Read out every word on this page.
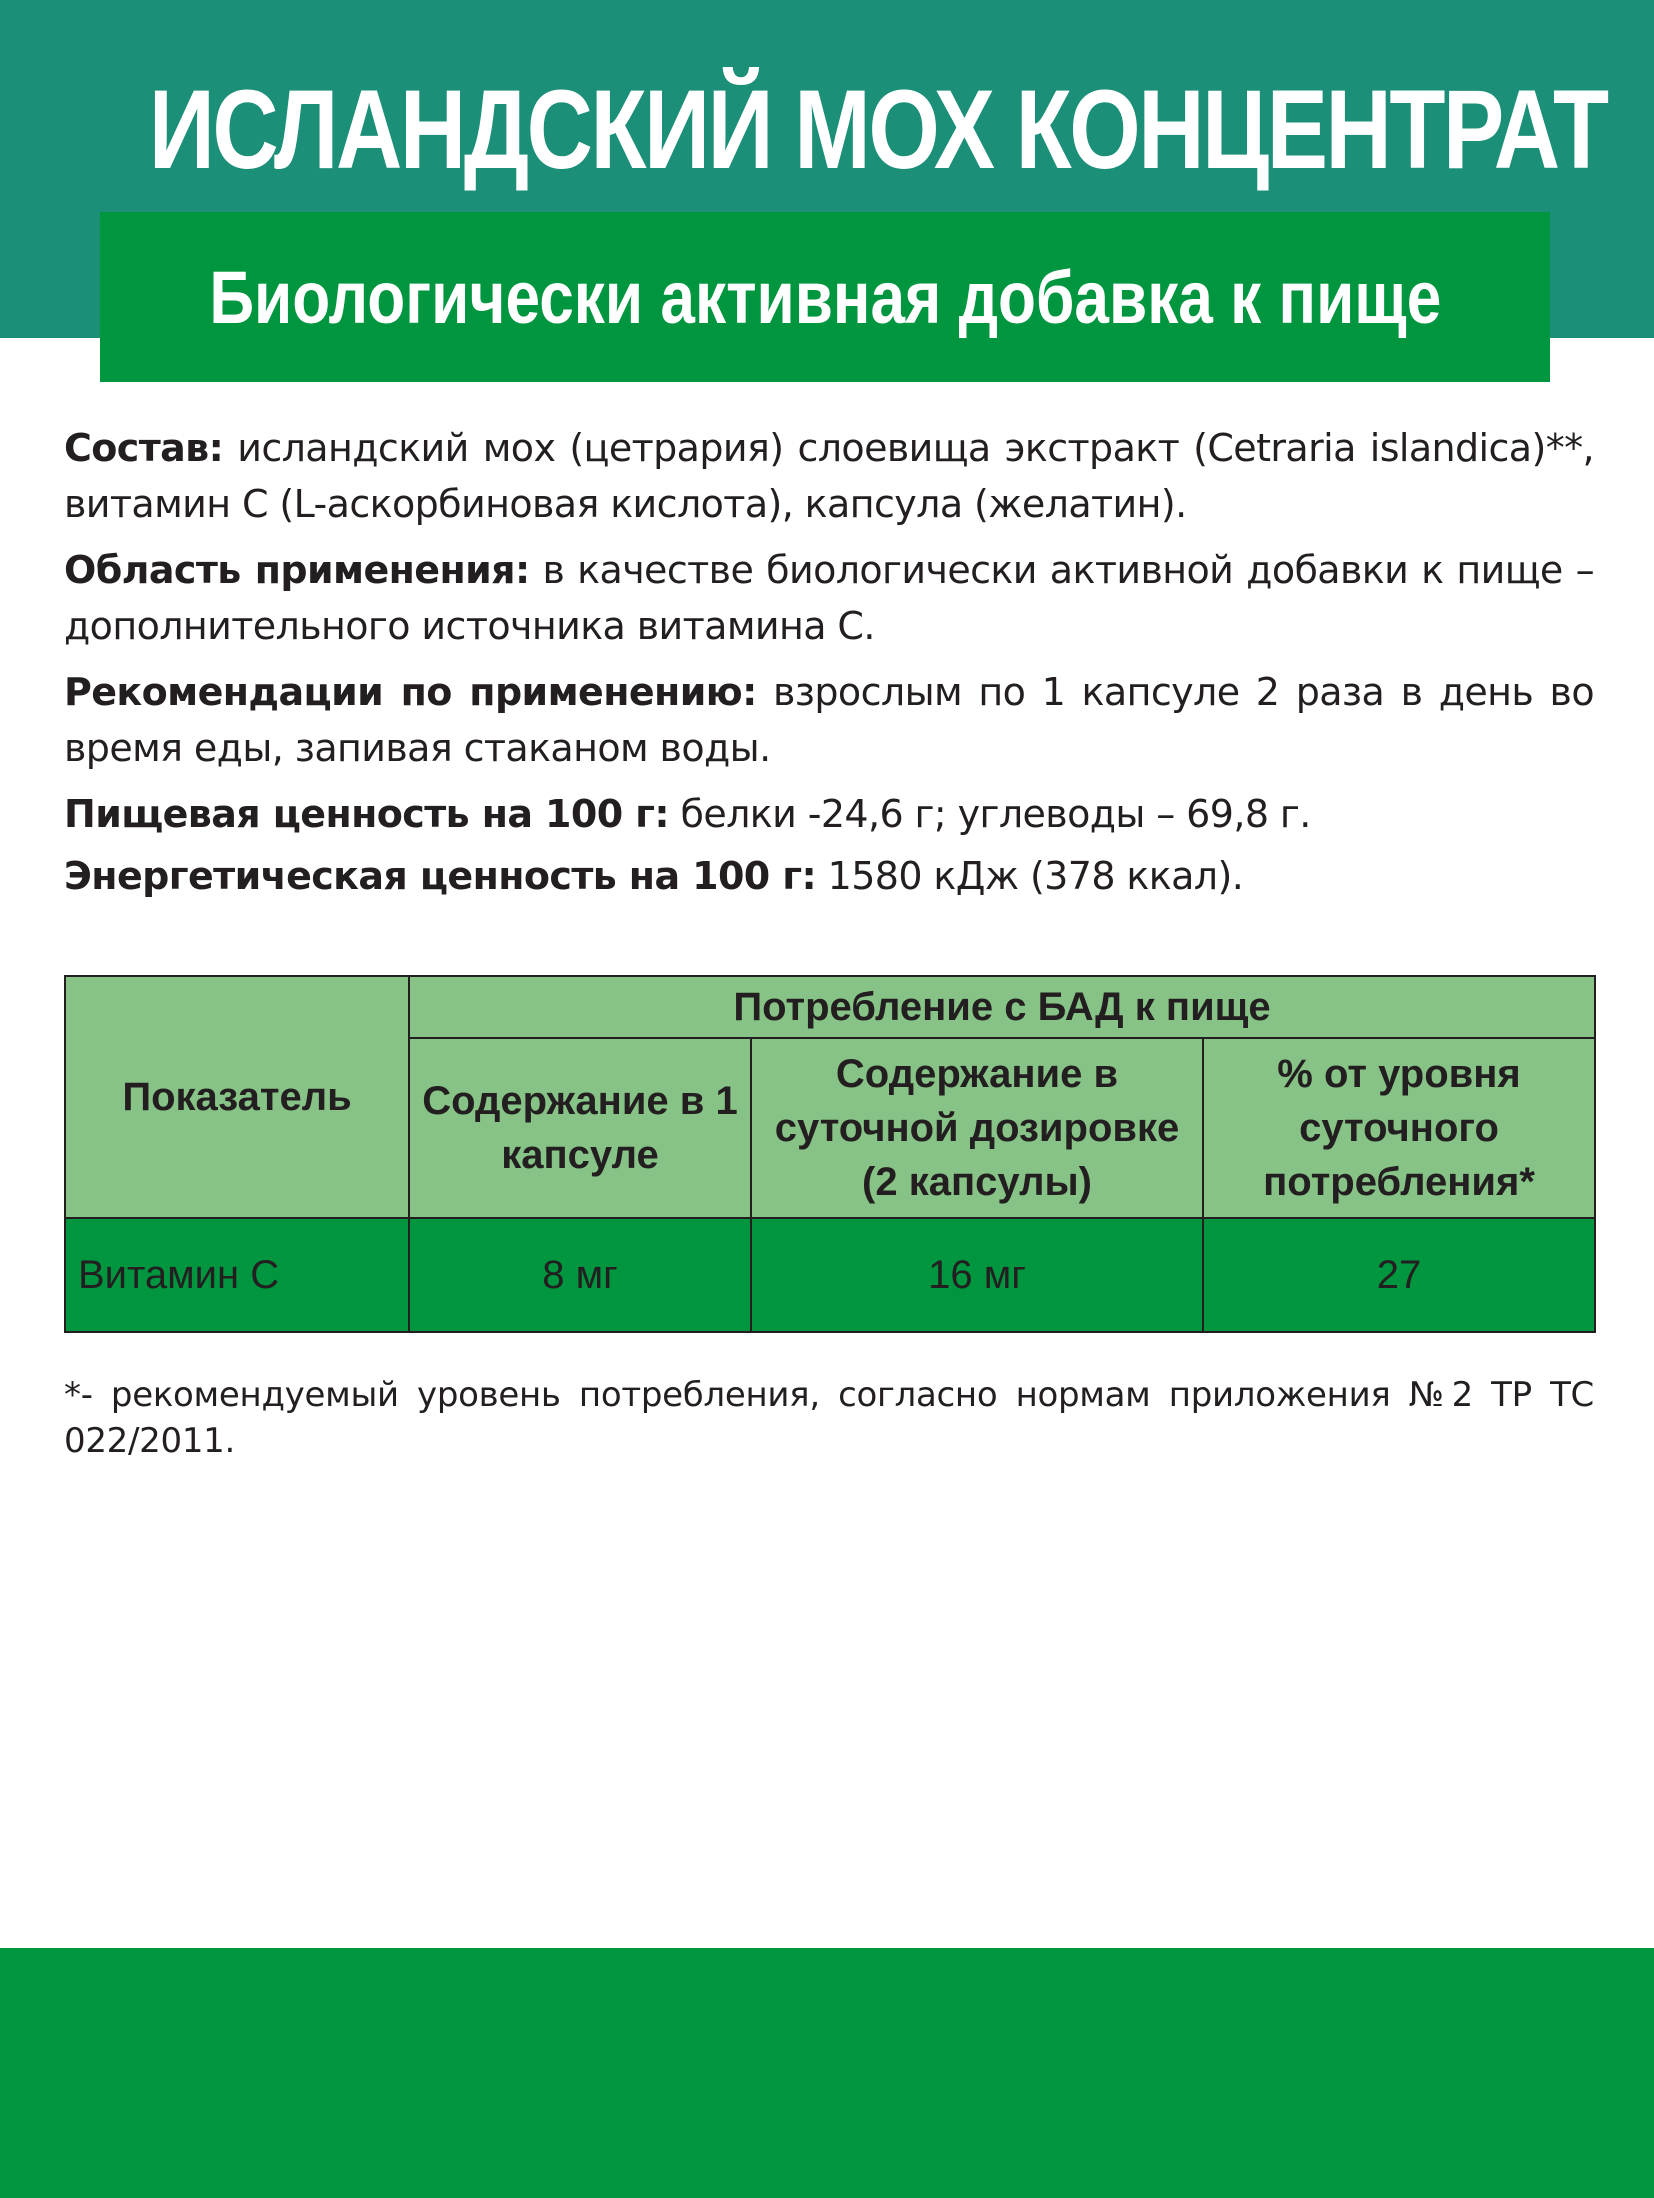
ИСЛАНДСКИЙ МОХ КОНЦЕНТРАТ
Биологически активная добавка к пище

Состав: исландский мох (цетрария) слоевища экстракт (Cetraria islandica)**, витамин С (L-аскорбиновая кислота), капсула (желатин).

Область применения: в качестве биологически активной добавки к пище – дополнительного источника витамина С.

Рекомендации по применению: взрослым по 1 капсуле 2 раза в день во время еды, запивая стаканом воды.

Пищевая ценность на 100 г: белки -24,6 г; углеводы – 69,8 г.

Энергетическая ценность на 100 г: 1580 кДж (378 ккал).

Показатель	Потребление с БАД к пище		
	Содержание в 1 капсуле	Содержание в суточной дозировке (2 капсулы)	% от уровня суточного потребления*
Витамин С	8 мг	16 мг	27
*- рекомендуемый уровень потребления, согласно нормам приложения №2 ТР ТС 022/2011.
